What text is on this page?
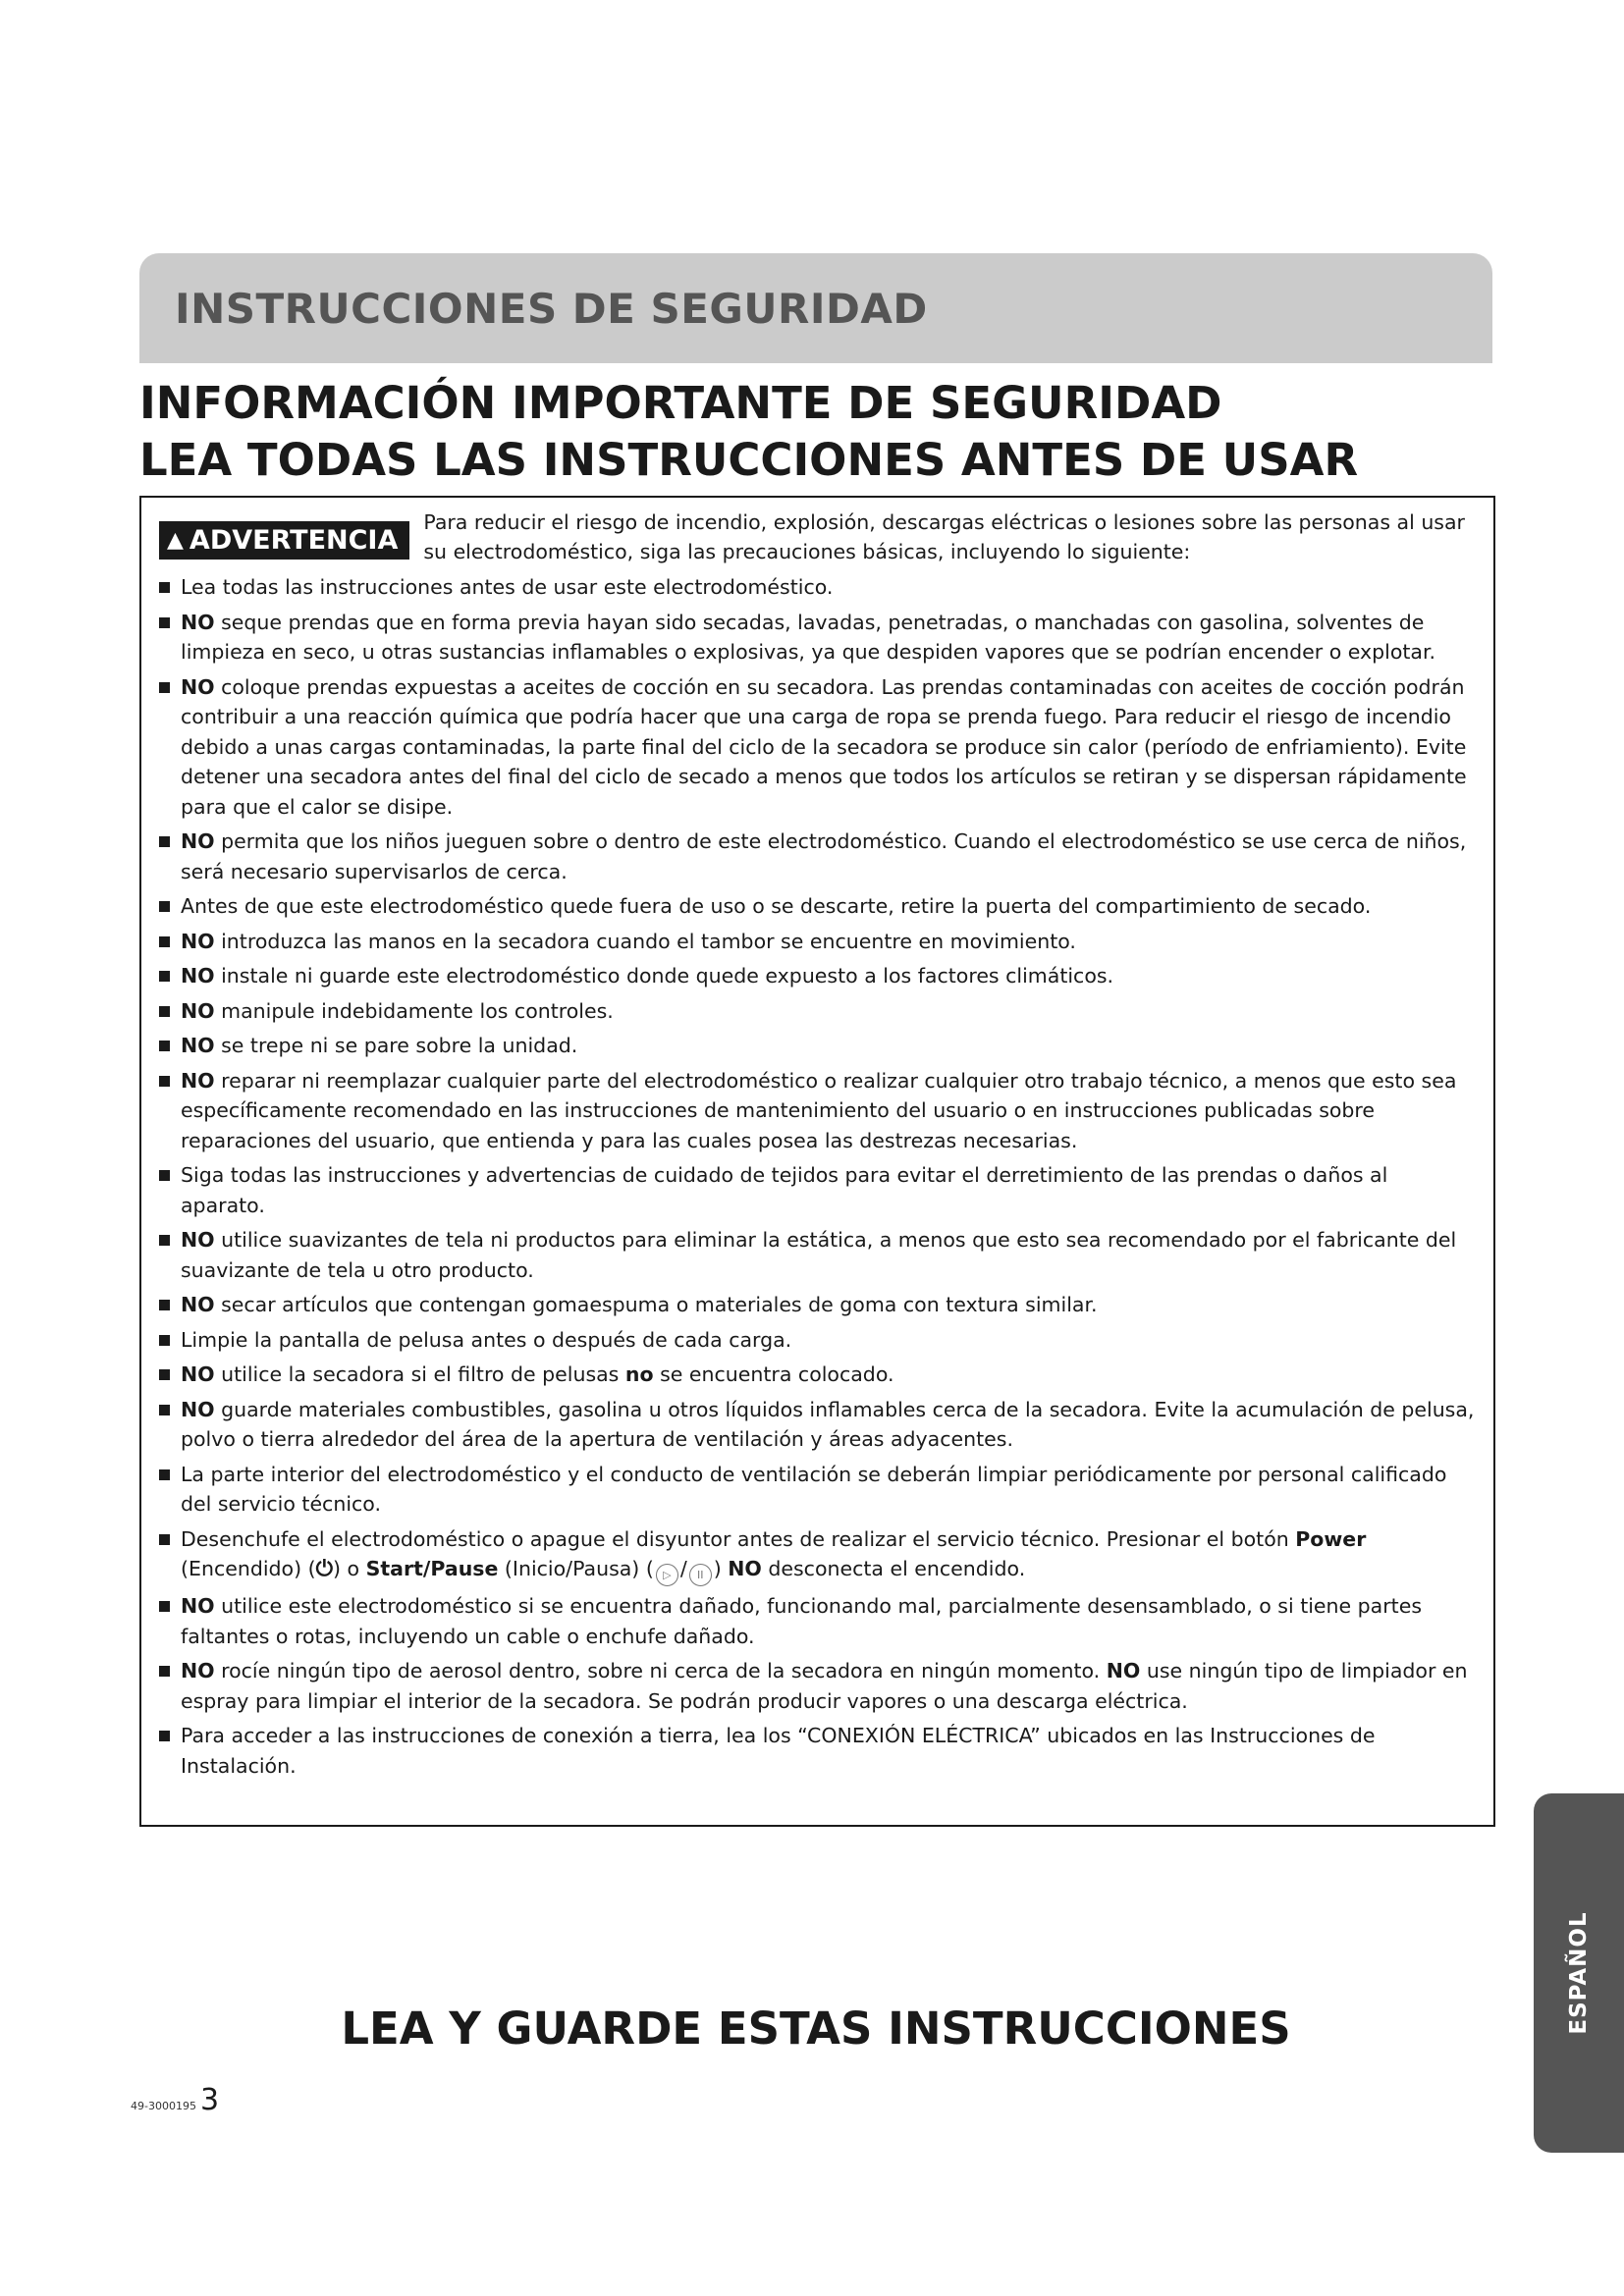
INSTRUCCIONES DE SEGURIDAD
INFORMACIÓN IMPORTANTE DE SEGURIDAD
LEA TODAS LAS INSTRUCCIONES ANTES DE USAR
▲ ADVERTENCIA
Para reducir el riesgo de incendio, explosión, descargas eléctricas o lesiones sobre las personas al usar su electrodoméstico, siga las precauciones básicas, incluyendo lo siguiente:
Lea todas las instrucciones antes de usar este electrodoméstico.
NO seque prendas que en forma previa hayan sido secadas, lavadas, penetradas, o manchadas con gasolina, solventes de limpieza en seco, u otras sustancias inflamables o explosivas, ya que despiden vapores que se podrían encender o explotar.
NO coloque prendas expuestas a aceites de cocción en su secadora. Las prendas contaminadas con aceites de cocción podrán contribuir a una reacción química que podría hacer que una carga de ropa se prenda fuego. Para reducir el riesgo de incendio debido a unas cargas contaminadas, la parte final del ciclo de la secadora se produce sin calor (período de enfriamiento). Evite detener una secadora antes del final del ciclo de secado a menos que todos los artículos se retiran y se dispersan rápidamente para que el calor se disipe.
NO permita que los niños jueguen sobre o dentro de este electrodoméstico. Cuando el electrodoméstico se use cerca de niños, será necesario supervisarlos de cerca.
Antes de que este electrodoméstico quede fuera de uso o se descarte, retire la puerta del compartimiento de secado.
NO introduzca las manos en la secadora cuando el tambor se encuentre en movimiento.
NO instale ni guarde este electrodoméstico donde quede expuesto a los factores climáticos.
NO manipule indebidamente los controles.
NO se trepe ni se pare sobre la unidad.
NO reparar ni reemplazar cualquier parte del electrodoméstico o realizar cualquier otro trabajo técnico, a menos que esto sea específicamente recomendado en las instrucciones de mantenimiento del usuario o en instrucciones publicadas sobre reparaciones del usuario, que entienda y para las cuales posea las destrezas necesarias.
Siga todas las instrucciones y advertencias de cuidado de tejidos para evitar el derretimiento de las prendas o daños al aparato.
NO utilice suavizantes de tela ni productos para eliminar la estática, a menos que esto sea recomendado por el fabricante del suavizante de tela u otro producto.
NO secar artículos que contengan gomaespuma o materiales de goma con textura similar.
Limpie la pantalla de pelusa antes o después de cada carga.
NO utilice la secadora si el filtro de pelusas no se encuentra colocado.
NO guarde materiales combustibles, gasolina u otros líquidos inflamables cerca de la secadora. Evite la acumulación de pelusa, polvo o tierra alrededor del área de la apertura de ventilación y áreas adyacentes.
La parte interior del electrodoméstico y el conducto de ventilación se deberán limpiar periódicamente por personal calificado del servicio técnico.
Desenchufe el electrodoméstico o apague el disyuntor antes de realizar el servicio técnico. Presionar el botón Power (Encendido) (⏻) o Start/Pause (Inicio/Pausa) ( ▷ / II ) NO desconecta el encendido.
NO utilice este electrodoméstico si se encuentra dañado, funcionando mal, parcialmente desensamblado, o si tiene partes faltantes o rotas, incluyendo un cable o enchufe dañado.
NO rocíe ningún tipo de aerosol dentro, sobre ni cerca de la secadora en ningún momento. NO use ningún tipo de limpiador en espray para limpiar el interior de la secadora. Se podrán producir vapores o una descarga eléctrica.
Para acceder a las instrucciones de conexión a tierra, lea los “CONEXIÓN ELÉCTRICA” ubicados en las Instrucciones de Instalación.
LEA Y GUARDE ESTAS INSTRUCCIONES
49-3000195 3
ESPAÑOL
